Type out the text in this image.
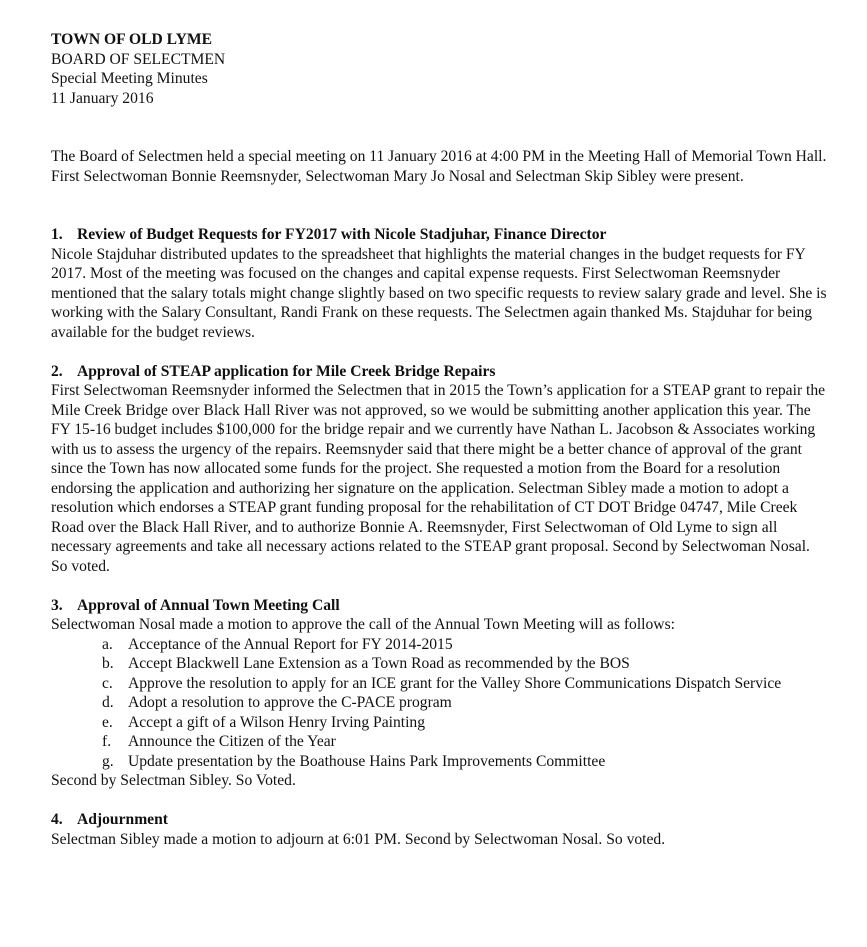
TOWN OF OLD LYME
BOARD OF SELECTMEN
Special Meeting Minutes
11 January 2016

The Board of Selectmen held a special meeting on 11 January 2016 at 4:00 PM in the Meeting Hall of Memorial Town Hall. First Selectwoman Bonnie Reemsnyder, Selectwoman Mary Jo Nosal and Selectman Skip Sibley were present.

1. Review of Budget Requests for FY2017 with Nicole Stadjuhar, Finance Director

Nicole Stajduhar distributed updates to the spreadsheet that highlights the material changes in the budget requests for FY 2017. Most of the meeting was focused on the changes and capital expense requests. First Selectwoman Reemsnyder mentioned that the salary totals might change slightly based on two specific requests to review salary grade and level. She is working with the Salary Consultant, Randi Frank on these requests. The Selectmen again thanked Ms. Stajduhar for being available for the budget reviews.

2. Approval of STEAP application for Mile Creek Bridge Repairs

First Selectwoman Reemsnyder informed the Selectmen that in 2015 the Town’s application for a STEAP grant to repair the Mile Creek Bridge over Black Hall River was not approved, so we would be submitting another application this year. The FY 15-16 budget includes $100,000 for the bridge repair and we currently have Nathan L. Jacobson & Associates working with us to assess the urgency of the repairs. Reemsnyder said that there might be a better chance of approval of the grant since the Town has now allocated some funds for the project. She requested a motion from the Board for a resolution endorsing the application and authorizing her signature on the application. Selectman Sibley made a motion to adopt a resolution which endorses a STEAP grant funding proposal for the rehabilitation of CT DOT Bridge 04747, Mile Creek Road over the Black Hall River, and to authorize Bonnie A. Reemsnyder, First Selectwoman of Old Lyme to sign all necessary agreements and take all necessary actions related to the STEAP grant proposal. Second by Selectwoman Nosal. So voted.

3. Approval of Annual Town Meeting Call

Selectwoman Nosal made a motion to approve the call of the Annual Town Meeting will as follows:

a. Acceptance of the Annual Report for FY 2014-2015
b. Accept Blackwell Lane Extension as a Town Road as recommended by the BOS
c. Approve the resolution to apply for an ICE grant for the Valley Shore Communications Dispatch Service
d. Adopt a resolution to approve the C-PACE program
e. Accept a gift of a Wilson Henry Irving Painting
f.	Announce the Citizen of the Year
g. Update presentation by the Boathouse Hains Park Improvements Committee

Second by Selectman Sibley. So Voted.

4. Adjournment

Selectman Sibley made a motion to adjourn at 6:01 PM. Second by Selectwoman Nosal. So voted.
